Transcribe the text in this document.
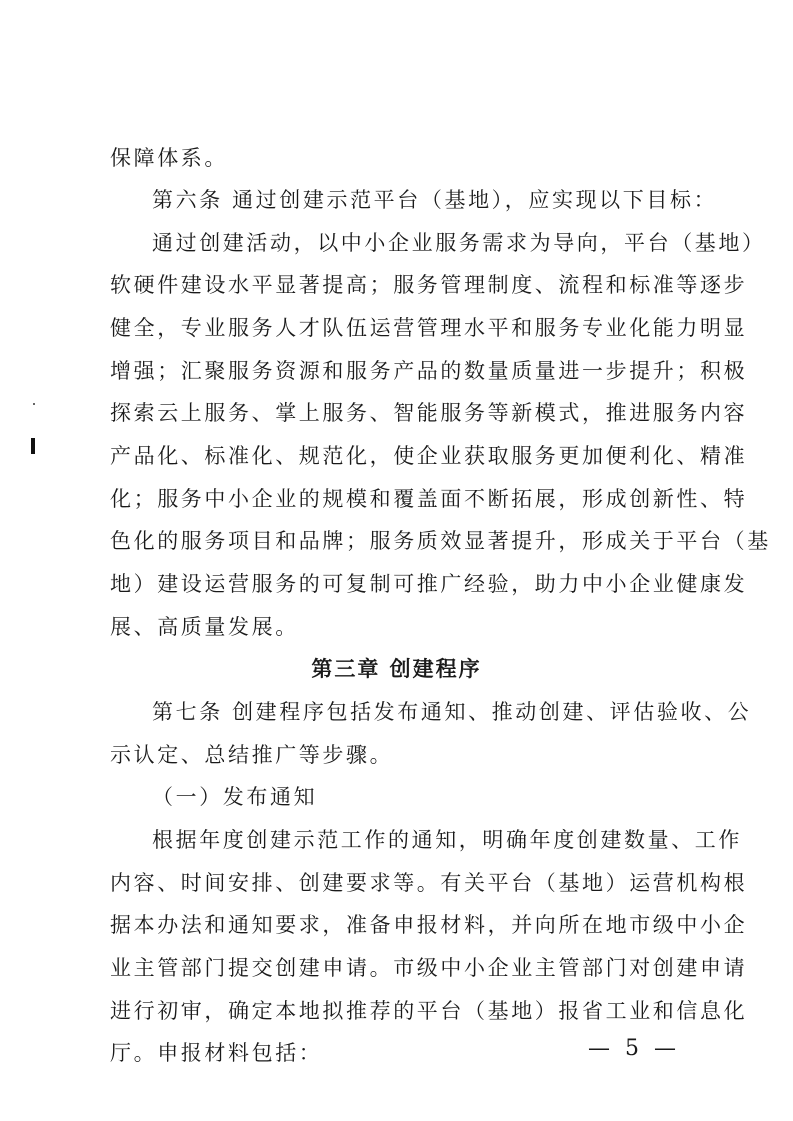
保障体系。
第六条 通过创建示范平台（基地），应实现以下目标：
通过创建活动，以中小企业服务需求为导向，平台（基地）
软硬件建设水平显著提高；服务管理制度、流程和标准等逐步
健全，专业服务人才队伍运营管理水平和服务专业化能力明显
增强；汇聚服务资源和服务产品的数量质量进一步提升；积极
探索云上服务、掌上服务、智能服务等新模式，推进服务内容
产品化、标准化、规范化，使企业获取服务更加便利化、精准
化；服务中小企业的规模和覆盖面不断拓展，形成创新性、特
色化的服务项目和品牌；服务质效显著提升，形成关于平台（基
地）建设运营服务的可复制可推广经验，助力中小企业健康发
展、高质量发展。
第三章 创建程序
第七条 创建程序包括发布通知、推动创建、评估验收、公
示认定、总结推广等步骤。
（一）发布通知
根据年度创建示范工作的通知，明确年度创建数量、工作
内容、时间安排、创建要求等。有关平台（基地）运营机构根
据本办法和通知要求，准备申报材料，并向所在地市级中小企
业主管部门提交创建申请。市级中小企业主管部门对创建申请
进行初审，确定本地拟推荐的平台（基地）报省工业和信息化
厅。申报材料包括：	— 5 —
